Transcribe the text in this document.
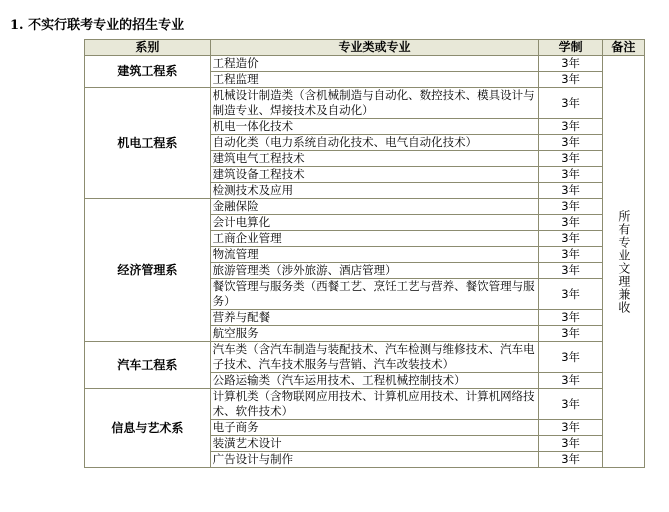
1. 不实行联考专业的招生专业
系别	专业类或专业	学制	备注
建筑工程系	工程造价	3年	所有专业文理兼收
	工程监理	3年	
机电工程系	机械设计制造类（含机械制造与自动化、数控技术、模具设计与制造专业、焊接技术及自动化）	3年	
	机电一体化技术	3年	
	自动化类（电力系统自动化技术、电气自动化技术）	3年	
	建筑电气工程技术	3年	
	建筑设备工程技术	3年	
	检测技术及应用	3年	
经济管理系	金融保险	3年	
	会计电算化	3年	
	工商企业管理	3年	
	物流管理	3年	
	旅游管理类（涉外旅游、酒店管理）	3年	
	餐饮管理与服务类（西餐工艺、烹饪工艺与营养、餐饮管理与服务）	3年	
	营养与配餐	3年	
	航空服务	3年	
汽车工程系	汽车类（含汽车制造与装配技术、汽车检测与维修技术、汽车电子技术、汽车技术服务与营销、汽车改装技术）	3年	
	公路运输类（汽车运用技术、工程机械控制技术）	3年	
信息与艺术系	计算机类（含物联网应用技术、计算机应用技术、计算机网络技术、软件技术）	3年	
	电子商务	3年	
	装潢艺术设计	3年	
	广告设计与制作	3年	
